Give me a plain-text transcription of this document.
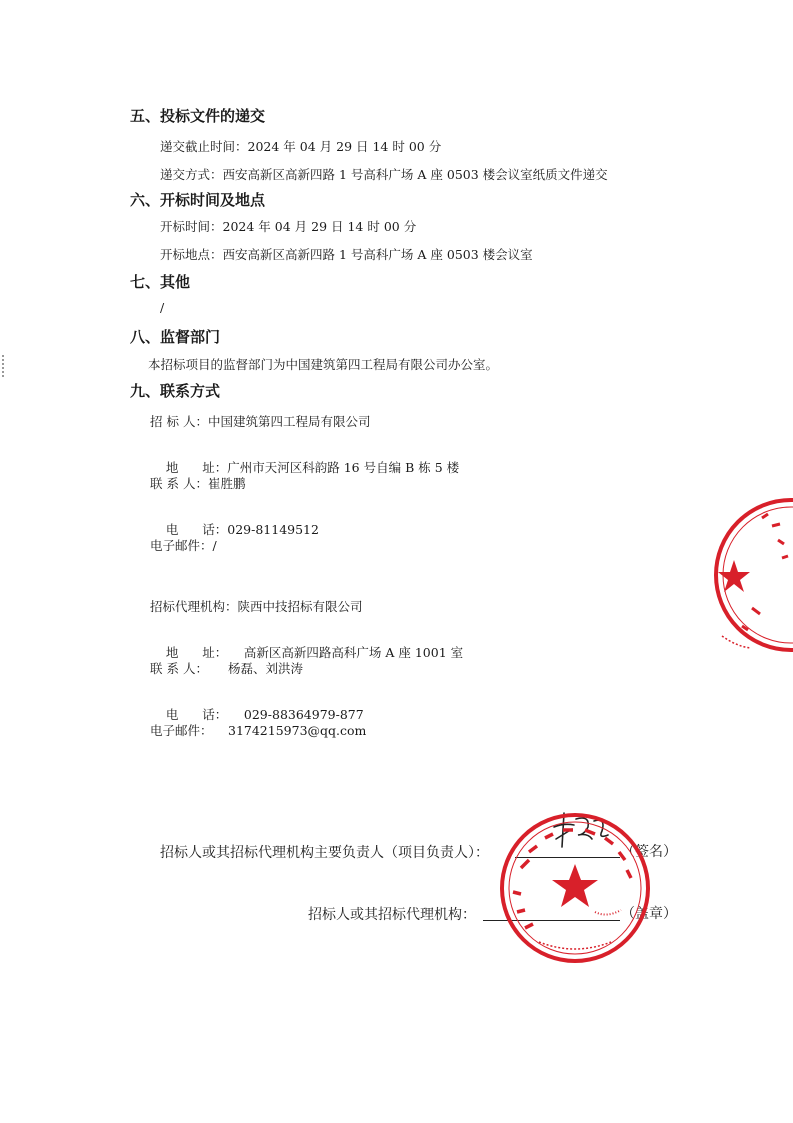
五、投标文件的递交
递交截止时间：2024 年 04 月 29 日 14 时 00 分
递交方式：西安高新区高新四路 1 号高科广场 A 座 0503 楼会议室纸质文件递交
六、开标时间及地点
开标时间：2024 年 04 月 29 日 14 时 00 分
开标地点：西安高新区高新四路 1 号高科广场 A 座 0503 楼会议室
七、其他
/
八、监督部门
本招标项目的监督部门为中国建筑第四工程局有限公司办公室。
九、联系方式
招 标 人：中国建筑第四工程局有限公司

地      址：广州市天河区科韵路 16 号自编 B 栋 5 楼

联 系 人：崔胜鹏

电      话：029-81149512

电子邮件：/
招标代理机构：陕西中技招标有限公司

地      址： 高新区高新四路高科广场 A 座 1001 室

联 系 人： 杨磊、刘洪涛

电      话： 029-88364979-877

电子邮件： 3174215973@qq.com
招标人或其招标代理机构主要负责人（项目负责人）：	（签名）
招标人或其招标代理机构：	（盖章）
